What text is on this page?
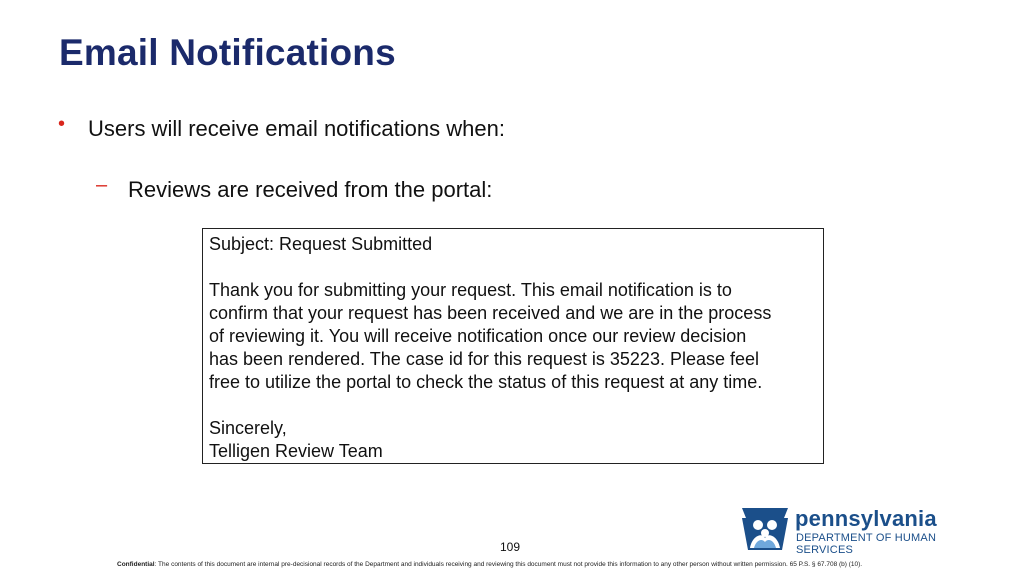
Email Notifications
•	Users will receive email notifications when:
– Reviews are received from the portal:

Subject: Request Submitted

Thank you for submitting your request. This email notification is to

confirm that your request has been received and we are in the process

of reviewing it. You will receive notification once our review decision

has been rendered. The case id for this request is 35223. Please feel

free to utilize the portal to check the status of this request at any time.

Sincerely,

Telligen Review Team

109
Confidential: The contents of this document are internal pre-decisional records of the Department and individuals receiving and reviewing this document must not provide this information to any other person without written permission. 65 P.S. § 67.708 (b) (10).
pennsylvania
DEPARTMENT OF HUMAN SERVICES
